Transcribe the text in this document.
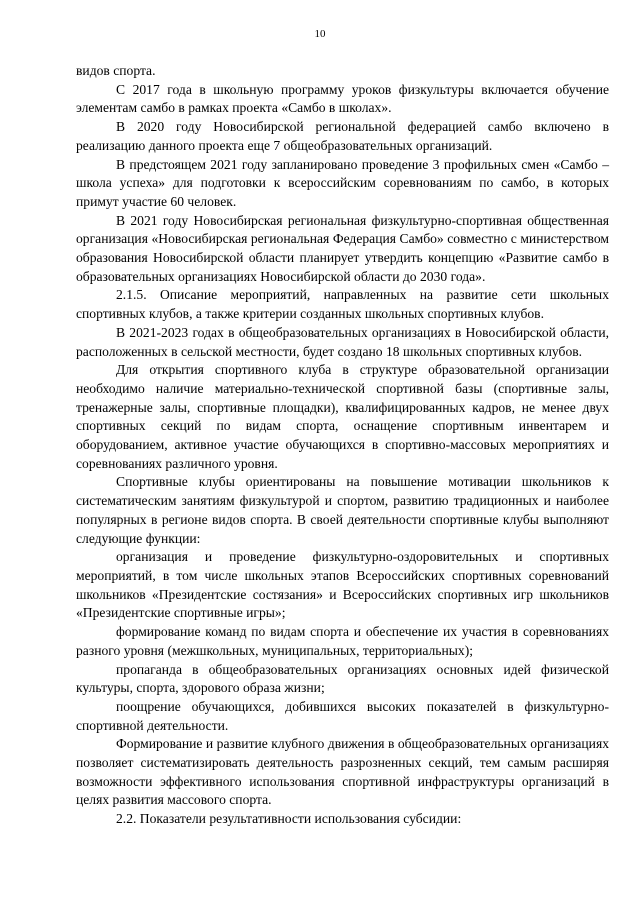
10

видов спорта.

С 2017 года в школьную программу уроков физкультуры включается обучение элементам самбо в рамках проекта «Самбо в школах».

В 2020 году Новосибирской региональной федерацией самбо включено в реализацию данного проекта еще 7 общеобразовательных организаций.

В предстоящем 2021 году запланировано проведение 3 профильных смен «Самбо – школа успеха» для подготовки к всероссийским соревнованиям по самбо, в которых примут участие 60 человек.

В 2021 году Новосибирская региональная физкультурно-спортивная общественная организация «Новосибирская региональная Федерация Самбо» совместно с министерством образования Новосибирской области планирует утвердить концепцию «Развитие самбо в образовательных организациях Новосибирской области до 2030 года».

2.1.5. Описание мероприятий, направленных на развитие сети школьных спортивных клубов, а также критерии созданных школьных спортивных клубов.

В 2021-2023 годах в общеобразовательных организациях в Новосибирской области, расположенных в сельской местности, будет создано 18 школьных спортивных клубов.

Для открытия спортивного клуба в структуре образовательной организации необходимо наличие материально-технической спортивной базы (спортивные залы, тренажерные залы, спортивные площадки), квалифицированных кадров, не менее двух спортивных секций по видам спорта, оснащение спортивным инвентарем и оборудованием, активное участие обучающихся в спортивно-массовых мероприятиях и соревнованиях различного уровня.

Спортивные клубы ориентированы на повышение мотивации школьников к систематическим занятиям физкультурой и спортом, развитию традиционных и наиболее популярных в регионе видов спорта. В своей деятельности спортивные клубы выполняют следующие функции:

организация и проведение физкультурно-оздоровительных и спортивных мероприятий, в том числе школьных этапов Всероссийских спортивных соревнований школьников «Президентские состязания» и Всероссийских спортивных игр школьников «Президентские спортивные игры»;

формирование команд по видам спорта и обеспечение их участия в соревнованиях разного уровня (межшкольных, муниципальных, территориальных);

пропаганда в общеобразовательных организациях основных идей физической культуры, спорта, здорового образа жизни;

поощрение обучающихся, добившихся высоких показателей в физкультурно-спортивной деятельности.

Формирование и развитие клубного движения в общеобразовательных организациях позволяет систематизировать деятельность разрозненных секций, тем самым расширяя возможности эффективного использования спортивной инфраструктуры организаций в целях развития массового спорта.

2.2. Показатели результативности использования субсидии:
